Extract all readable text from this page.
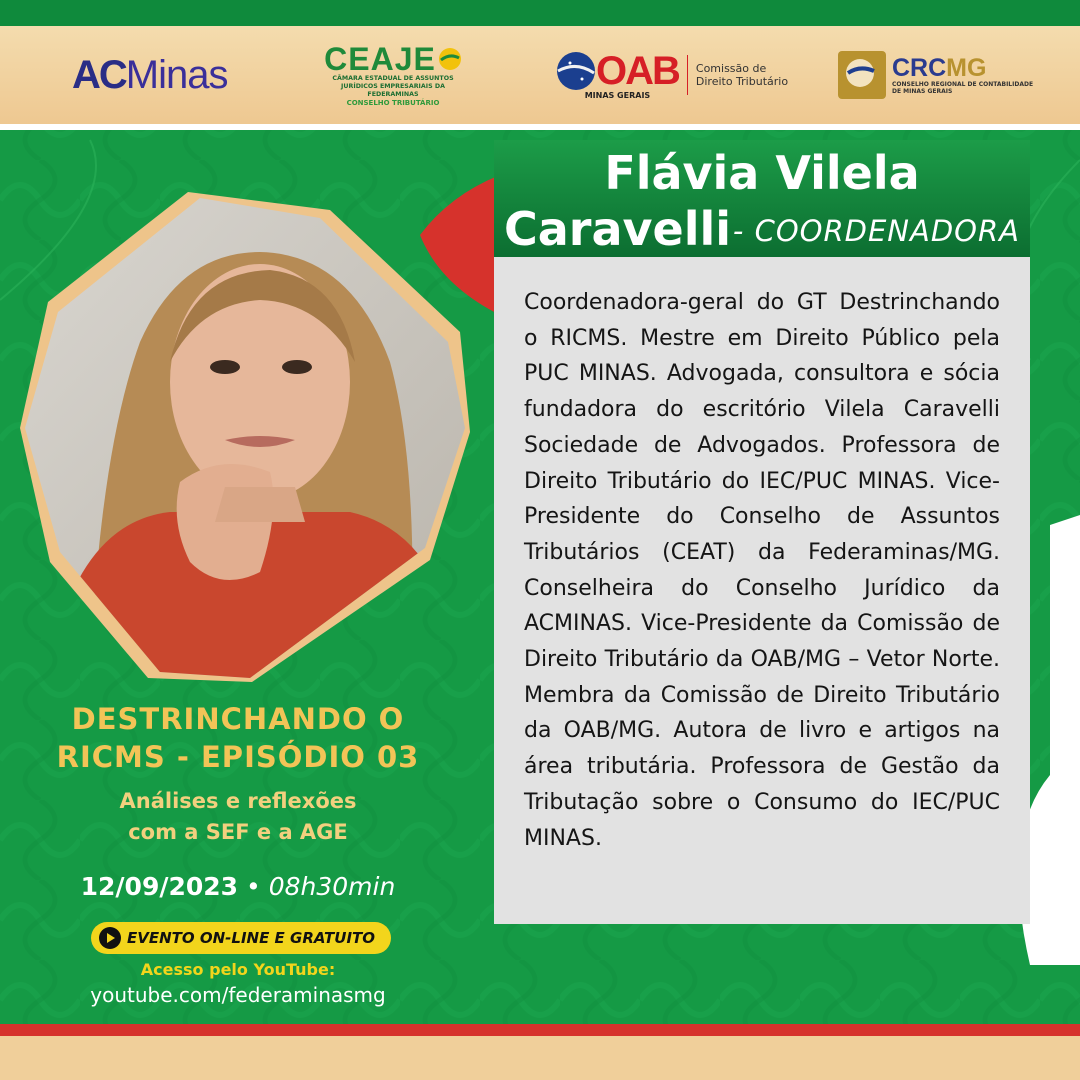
AC Minas	CEAJE
CÂMARA ESTADUAL DE ASSUNTOS
JURÍDICOS EMPRESARIAIS DA FEDERAMINAS
CONSELHO TRIBUTÁRIO
OAB
MINAS GERAIS
Comissão de
Direito Tributário	CRCMG
CONSELHO REGIONAL DE CONTABILIDADE
DE MINAS GERAIS
Flávia Vilela
Caravelli - COORDENADORA
Coordenadora-geral do GT Destrinchando o RICMS. Mestre em Direito Público pela PUC MINAS. Advogada, consultora e sócia fundadora do escritório Vilela Caravelli Sociedade de Advogados. Professora de Direito Tributário do IEC/PUC MINAS. Vice-Presidente do Conselho de Assuntos Tributários (CEAT) da Federaminas/MG. Conselheira do Conselho Jurídico da ACMINAS. Vice-Presidente da Comissão de Direito Tributário da OAB/MG – Vetor Norte. Membra da Comissão de Direito Tributário da OAB/MG. Autora de livro e artigos na área tributária. Professora de Gestão da Tributação sobre o Consumo do IEC/PUC MINAS.
DESTRINCHANDO O
RICMS - EPISÓDIO 03
Análises e reflexões
com a SEF e a AGE
12/09/2023 • 08h30min
EVENTO ON-LINE E GRATUITO
Acesso pelo YouTube:
youtube.com/federaminasmg
